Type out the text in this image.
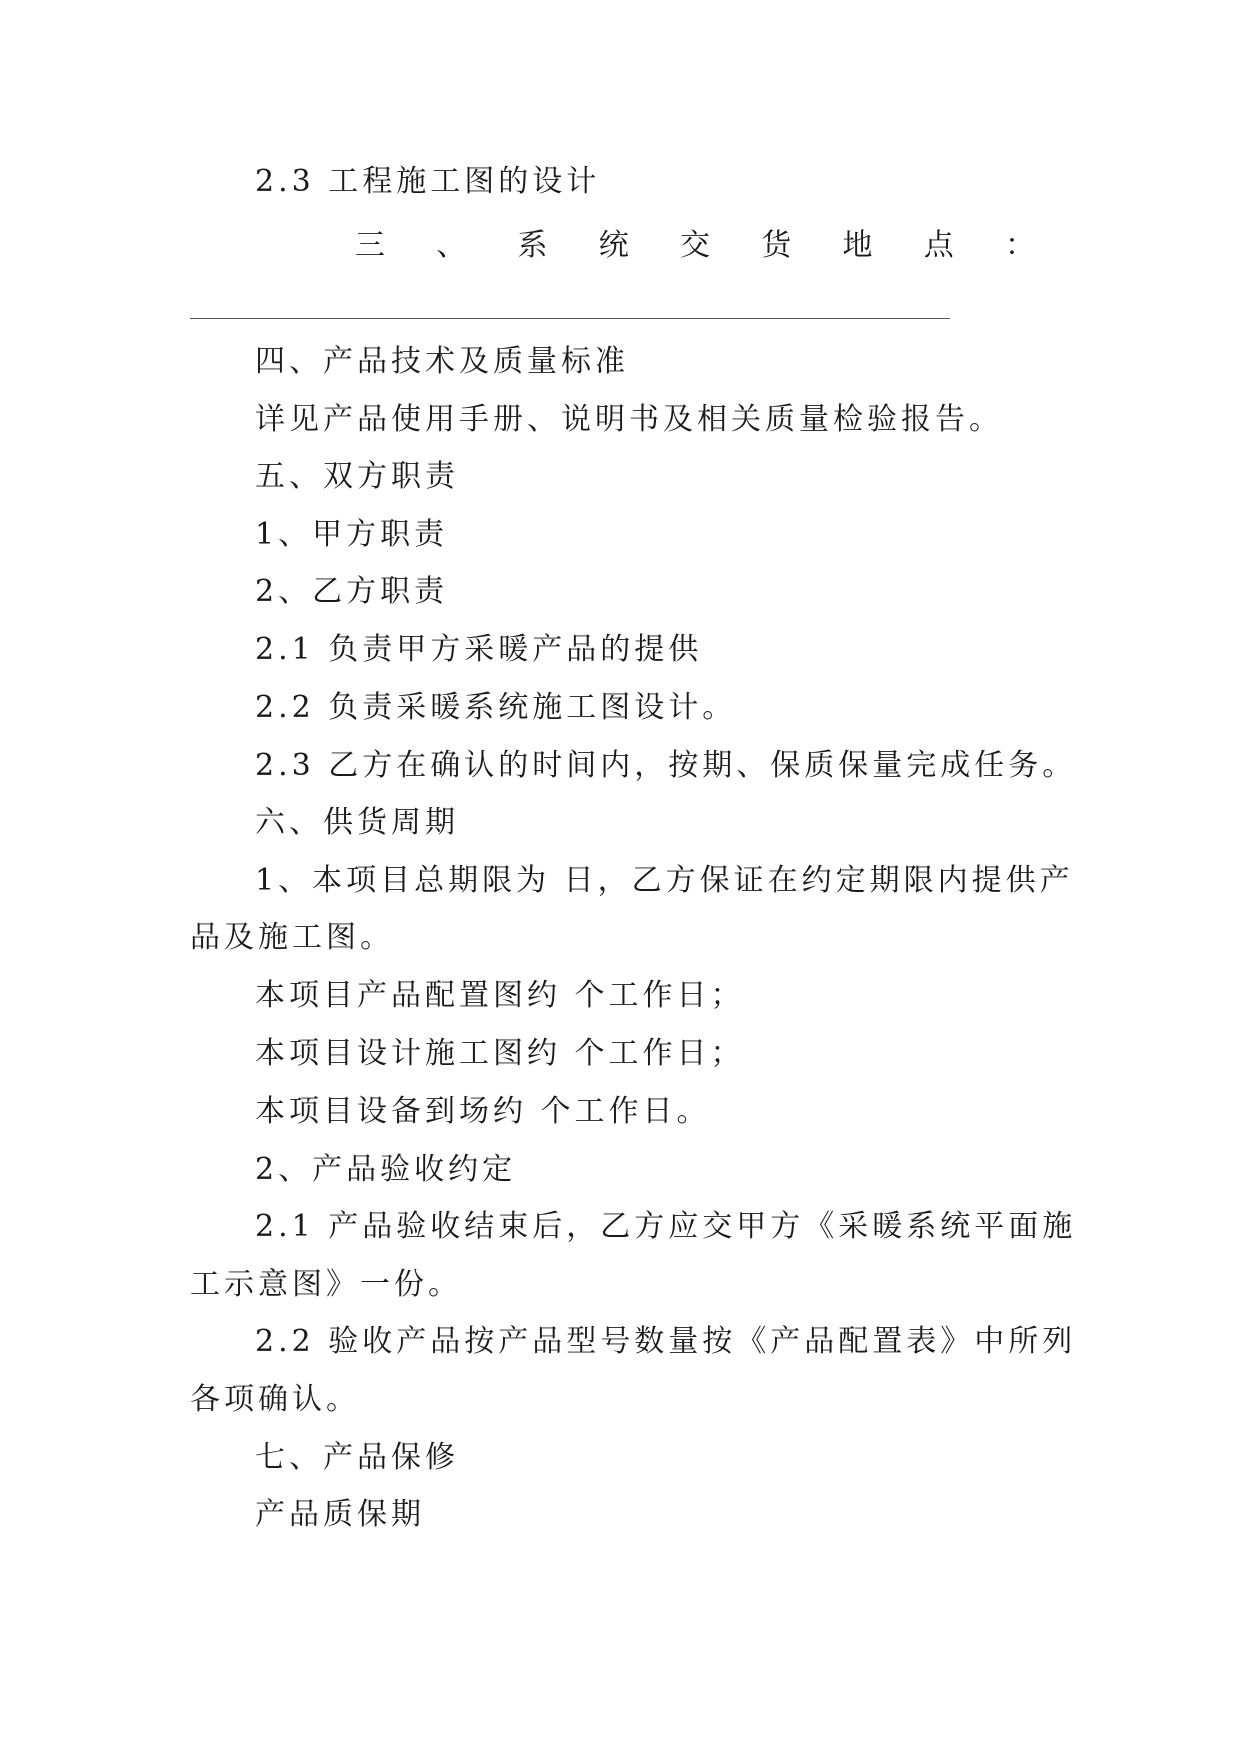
2.3 工程施工图的设计
三 、 系 统 交 货 地 点 ：
四、产品技术及质量标准
详见产品使用手册、说明书及相关质量检验报告。
五、双方职责
1、甲方职责
2、乙方职责
2.1 负责甲方采暖产品的提供
2.2 负责采暖系统施工图设计。
2.3 乙方在确认的时间内，按期、保质保量完成任务。
六、供货周期
1、本项目总期限为 日，乙方保证在约定期限内提供产
品及施工图。
本项目产品配置图约 个工作日；
本项目设计施工图约 个工作日；
本项目设备到场约 个工作日。
2、产品验收约定
2.1 产品验收结束后，乙方应交甲方《采暖系统平面施
工示意图》一份。
2.2 验收产品按产品型号数量按《产品配置表》中所列
各项确认。
七、产品保修
产品质保期
